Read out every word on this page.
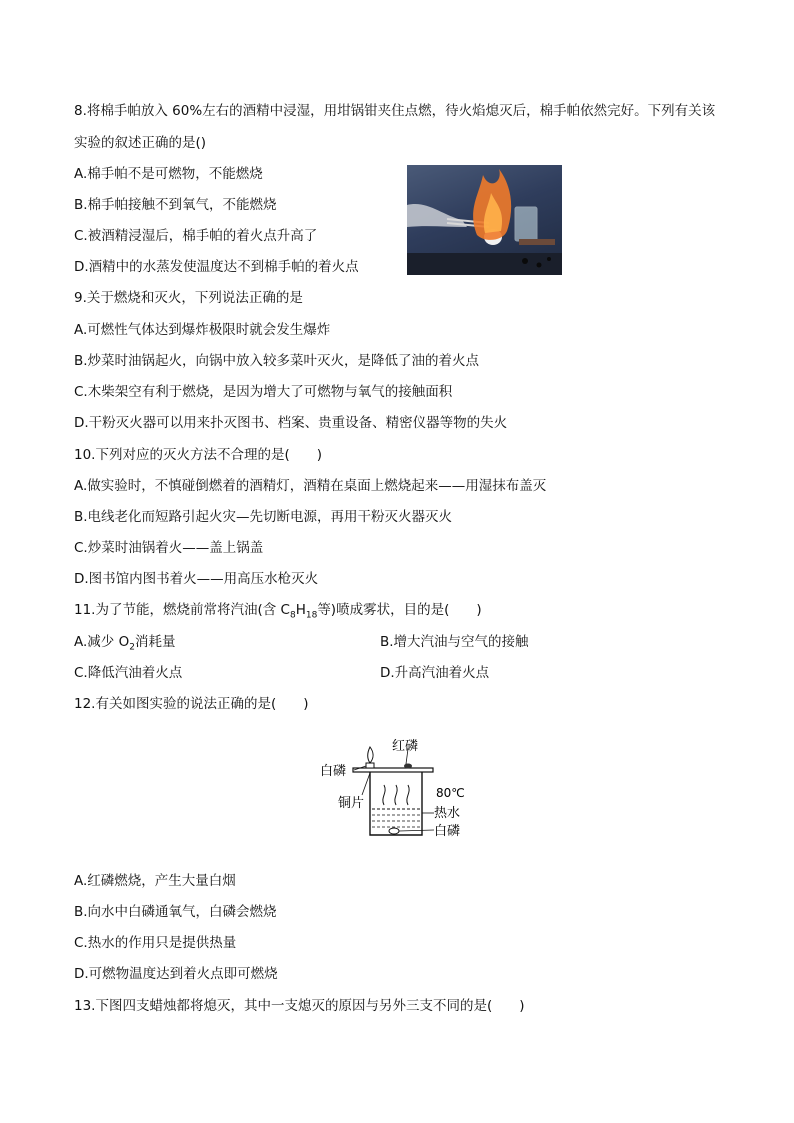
8.将棉手帕放入 60%左右的酒精中浸湿，用坩锅钳夹住点燃，待火焰熄灭后，棉手帕依然完好。下列有关该
实验的叙述正确的是()
A.棉手帕不是可燃物，不能燃烧
B.棉手帕接触不到氧气，不能燃烧
C.被酒精浸湿后，棉手帕的着火点升高了
D.酒精中的水蒸发使温度达不到棉手帕的着火点
9.关于燃烧和灭火，下列说法正确的是
A.可燃性气体达到爆炸极限时就会发生爆炸
B.炒菜时油锅起火，向锅中放入较多菜叶灭火，是降低了油的着火点
C.木柴架空有利于燃烧，是因为增大了可燃物与氧气的接触面积
D.干粉灭火器可以用来扑灭图书、档案、贵重设备、精密仪器等物的失火
10.下列对应的灭火方法不合理的是(　　)
A.做实验时，不慎碰倒燃着的酒精灯，酒精在桌面上燃烧起来——用湿抹布盖灭
B.电线老化而短路引起火灾—先切断电源，再用干粉灭火器灭火
C.炒菜时油锅着火——盖上锅盖
D.图书馆内图书着火——用高压水枪灭火
11.为了节能，燃烧前常将汽油(含 $C_8H_{18}$等)喷成雾状，目的是(　　)
A.减少 $O_2$消耗量	B.增大汽油与空气的接触
C.降低汽油着火点	D.升高汽油着火点
12.有关如图实验的说法正确的是(　　)
红磷
白磷
铜片
80℃
热水
白磷
A.红磷燃烧，产生大量白烟
B.向水中白磷通氧气，白磷会燃烧
C.热水的作用只是提供热量
D.可燃物温度达到着火点即可燃烧
13.下图四支蜡烛都将熄灭，其中一支熄灭的原因与另外三支不同的是(　　)
